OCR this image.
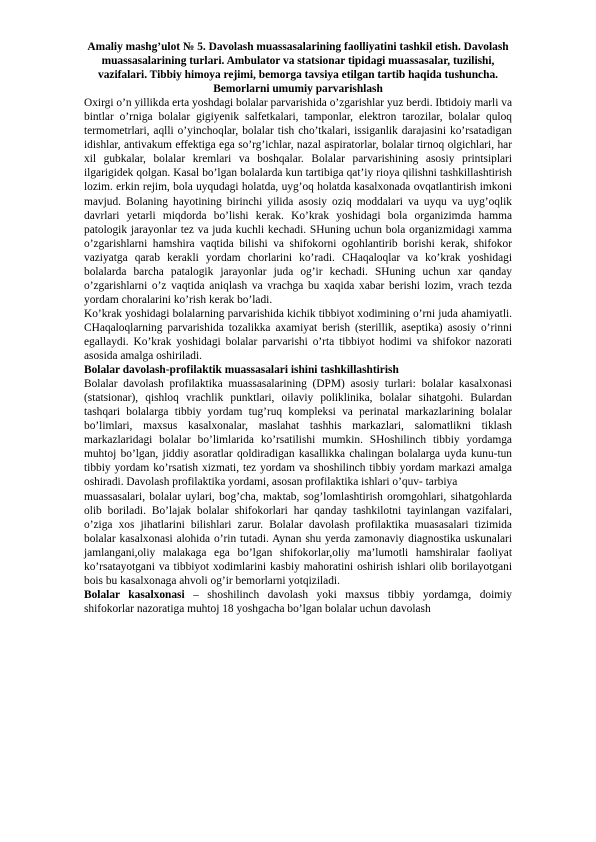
Amaliy mashg’ulot № 5. Davolash muassasalarining faolliyatini tashkil etish. Davolash muassasalarining turlari. Ambulator va statsionar tipidagi muassasalar, tuzilishi, vazifalari. Tibbiy himoya rejimi, bemorga tavsiya etilgan tartib haqida tushuncha. Bemorlarni umumiy parvarishlash

Oxirgi o’n yillikda erta yoshdagi bolalar parvarishida o’zgarishlar yuz berdi. Ibtidoiy marli va bintlar o’rniga bolalar gigiyenik salfetkalari, tamponlar, elektron tarozilar, bolalar quloq termometrlari, aqlli o’yinchoqlar, bolalar tish cho’tkalari, issiganlik darajasini ko’rsatadigan idishlar, antivakum effektiga ega so’rg’ichlar, nazal aspiratorlar, bolalar tirnoq olgichlari, har xil gubkalar, bolalar kremlari va boshqalar. Bolalar parvarishining asosiy printsiplari ilgarigidek qolgan. Kasal bo’lgan bolalarda kun tartibiga qat’iy rioya qilishni tashkillashtirish lozim. erkin rejim, bola uyqudagi holatda, uyg’oq holatda kasalxonada ovqatlantirish imkoni mavjud. Bolaning hayotining birinchi yilida asosiy oziq moddalari va uyqu va uyg’oqlik davrlari yetarli miqdorda bo’lishi kerak. Ko’krak yoshidagi bola organizimda hamma patologik jarayonlar tez va juda kuchli kechadi. SHuning uchun bola organizmidagi xamma o’zgarishlarni hamshira vaqtida bilishi va shifokorni ogohlantirib borishi kerak, shifokor vaziyatga qarab kerakli yordam chorlarini ko’radi. CHaqaloqlar va ko’krak yoshidagi bolalarda barcha patalogik jarayonlar juda og’ir kechadi. SHuning uchun xar qanday o’zgarishlarni o’z vaqtida aniqlash va vrachga bu xaqida xabar berishi lozim, vrach tezda yordam choralarini ko’rish kerak bo’ladi.

Ko’krak yoshidagi bolalarning parvarishida kichik tibbiyot xodimining o’rni juda ahamiyatli. CHaqaloqlarning parvarishida tozalikka axamiyat berish (sterillik, aseptika) asosiy o’rinni egallaydi. Ko’krak yoshidagi bolalar parvarishi o’rta tibbiyot hodimi va shifokor nazorati asosida amalga oshiriladi.

Bolalar davolash-profilaktik muassasalari ishini tashkillashtirish

Bolalar davolash profilaktika muassasalarining (DPM) asosiy turlari: bolalar kasalxonasi (statsionar), qishloq vrachlik punktlari, oilaviy poliklinika, bolalar sihatgohi. Bulardan tashqari bolalarga tibbiy yordam tug’ruq kompleksi va perinatal markazlarining bolalar bo’limlari, maxsus kasalxonalar, maslahat tashhis markazlari, salomatlikni tiklash markazlaridagi bolalar bo’limlarida ko’rsatilishi mumkin. SHoshilinch tibbiy yordamga muhtoj bo’lgan, jiddiy asoratlar qoldiradigan kasallikka chalingan bolalarga uyda kunu-tun tibbiy yordam ko’rsatish xizmati, tez yordam va shoshilinch tibbiy yordam markazi amalga oshiradi. Davolash profilaktika yordami, asosan profilaktika ishlari o’quv- tarbiya

muassasalari, bolalar uylari, bog’cha, maktab, sog’lomlashtirish oromgohlari, sihatgohlarda olib boriladi. Bo’lajak bolalar shifokorlari har qanday tashkilotni tayinlangan vazifalari, o’ziga xos jihatlarini bilishlari zarur. Bolalar davolash profilaktika muasasalari tizimida bolalar kasalxonasi alohida o’rin tutadi. Aynan shu yerda zamonaviy diagnostika uskunalari jamlangani,oliy malakaga ega bo’lgan shifokorlar,oliy ma’lumotli hamshiralar faoliyat ko’rsatayotgani va tibbiyot xodimlarini kasbiy mahoratini oshirish ishlari olib borilayotgani bois bu kasalxonaga ahvoli og’ir bemorlarni yotqiziladi.

Bolalar kasalxonasi – shoshilinch davolash yoki maxsus tibbiy yordamga, doimiy shifokorlar nazoratiga muhtoj 18 yoshgacha bo’lgan bolalar uchun davolash
